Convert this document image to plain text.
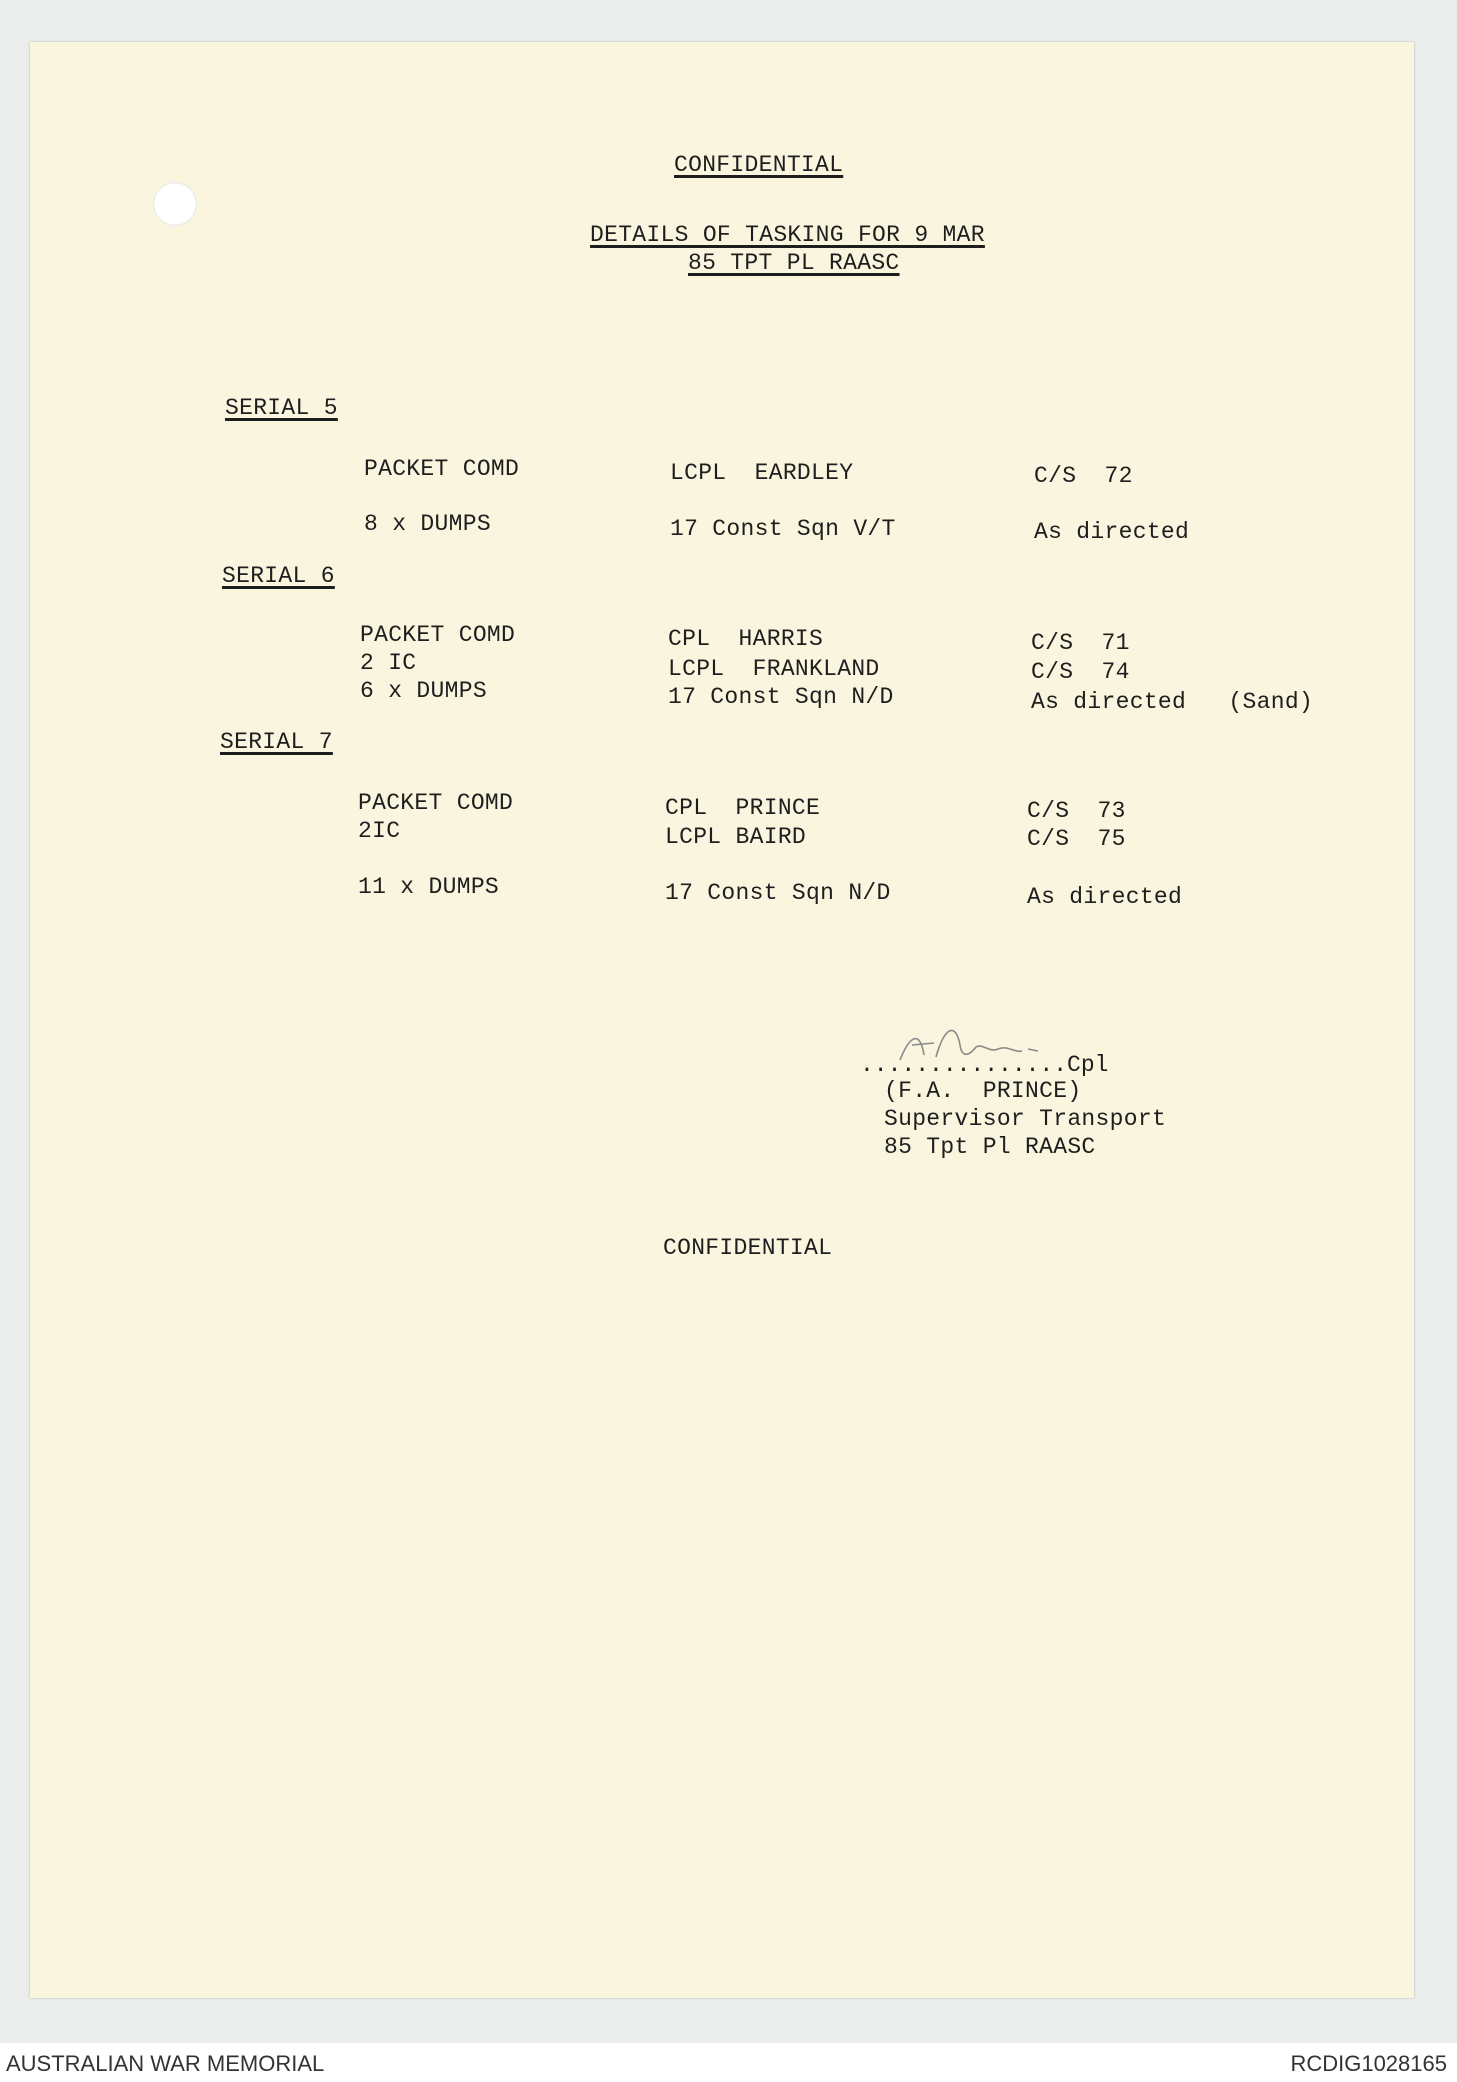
CONFIDENTIAL
DETAILS OF TASKING FOR 9 MAR
85 TPT PL RAASC
SERIAL 5
PACKET COMD	LCPL  EARDLEY	C/S  72
8 x DUMPS	17 Const Sqn V/T	As directed
SERIAL 6
PACKET COMD	CPL  HARRIS	C/S  71
2 IC	LCPL  FRANKLAND	C/S  74
6 x DUMPS	17 Const Sqn N/D	As directed   (Sand)
SERIAL 7
PACKET COMD	CPL  PRINCE	C/S  73
2IC	LCPL BAIRD	C/S  75
11 x DUMPS	17 Const Sqn N/D	As directed
...............Cpl
(F.A.  PRINCE)
Supervisor Transport
85 Tpt Pl RAASC
CONFIDENTIAL
AUSTRALIAN WAR MEMORIAL	RCDIG1028165
